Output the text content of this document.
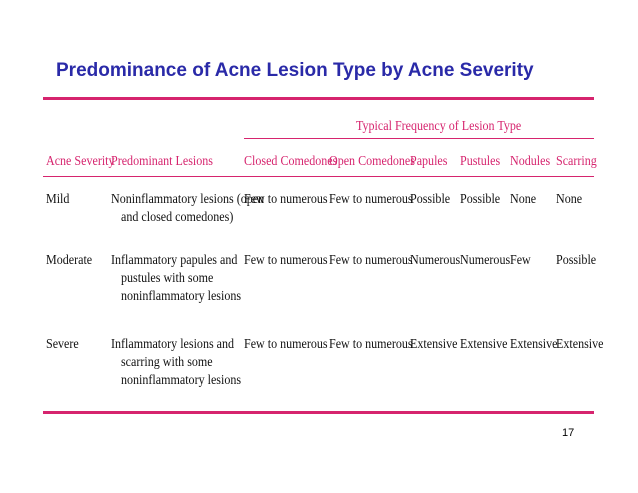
Predominance of Acne Lesion Type by Acne Severity
Typical Frequency of Lesion Type
Acne Severity
Predominant Lesions Closed Comedones
Open Comedones
Papules Pustules Nodules Scarring
Mild	Noninflammatory lesions (open
and closed comedones)
Few to numerous Few to numerous
Possible Possible None None
Moderate Inflammatory papules and
pustules with some
noninflammatory lesions
Few to numerous Few to numerous
Numerous Numerous Few Possible
Severe Inflammatory lesions and
scarring with some
noninflammatory lesions
Few to numerous Few to numerous
Extensive Extensive Extensive
Extensive
17
